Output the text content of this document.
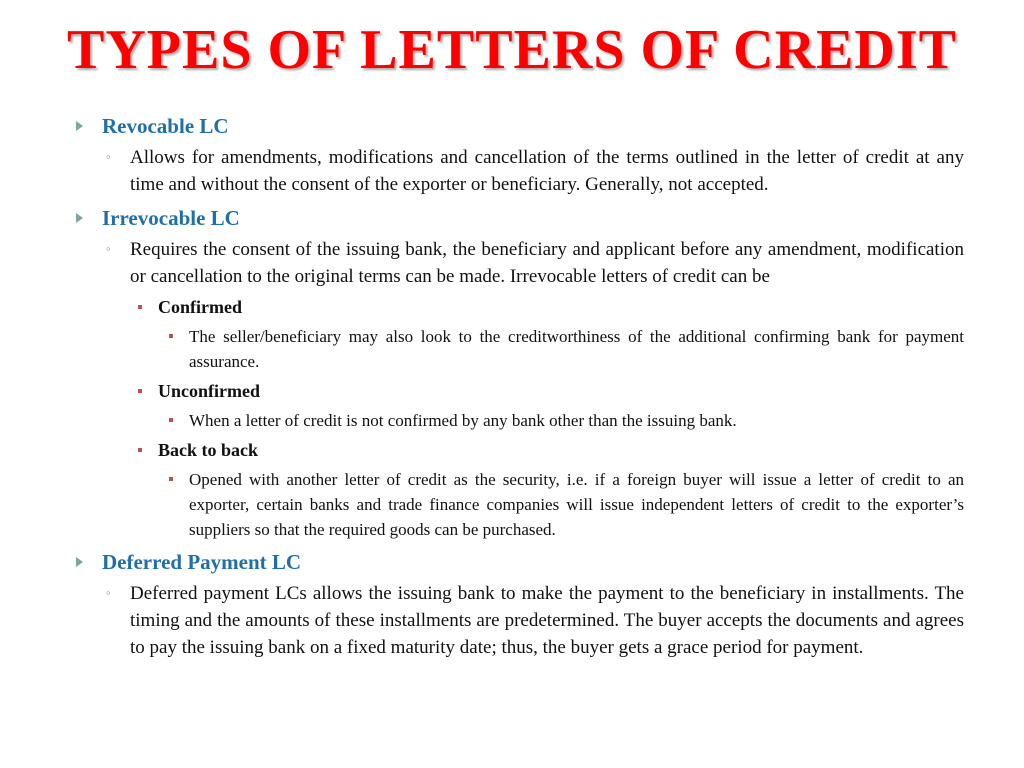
TYPES OF LETTERS OF CREDIT
Revocable LC
◦ Allows for amendments, modifications and cancellation of the terms outlined in the letter of credit at any time and without the consent of the exporter or beneficiary. Generally, not accepted.
Irrevocable LC
◦ Requires the consent of the issuing bank, the beneficiary and applicant before any amendment, modification or cancellation to the original terms can be made. Irrevocable letters of credit can be
Confirmed
The seller/beneficiary may also look to the creditworthiness of the additional confirming bank for payment assurance.
Unconfirmed
When a letter of credit is not confirmed by any bank other than the issuing bank.
Back to back
Opened with another letter of credit as the security, i.e. if a foreign buyer will issue a letter of credit to an exporter, certain banks and trade finance companies will issue independent letters of credit to the exporter’s suppliers so that the required goods can be purchased.
Deferred Payment LC
◦ Deferred payment LCs allows the issuing bank to make the payment to the beneficiary in installments. The timing and the amounts of these installments are predetermined. The buyer accepts the documents and agrees to pay the issuing bank on a fixed maturity date; thus, the buyer gets a grace period for payment.
